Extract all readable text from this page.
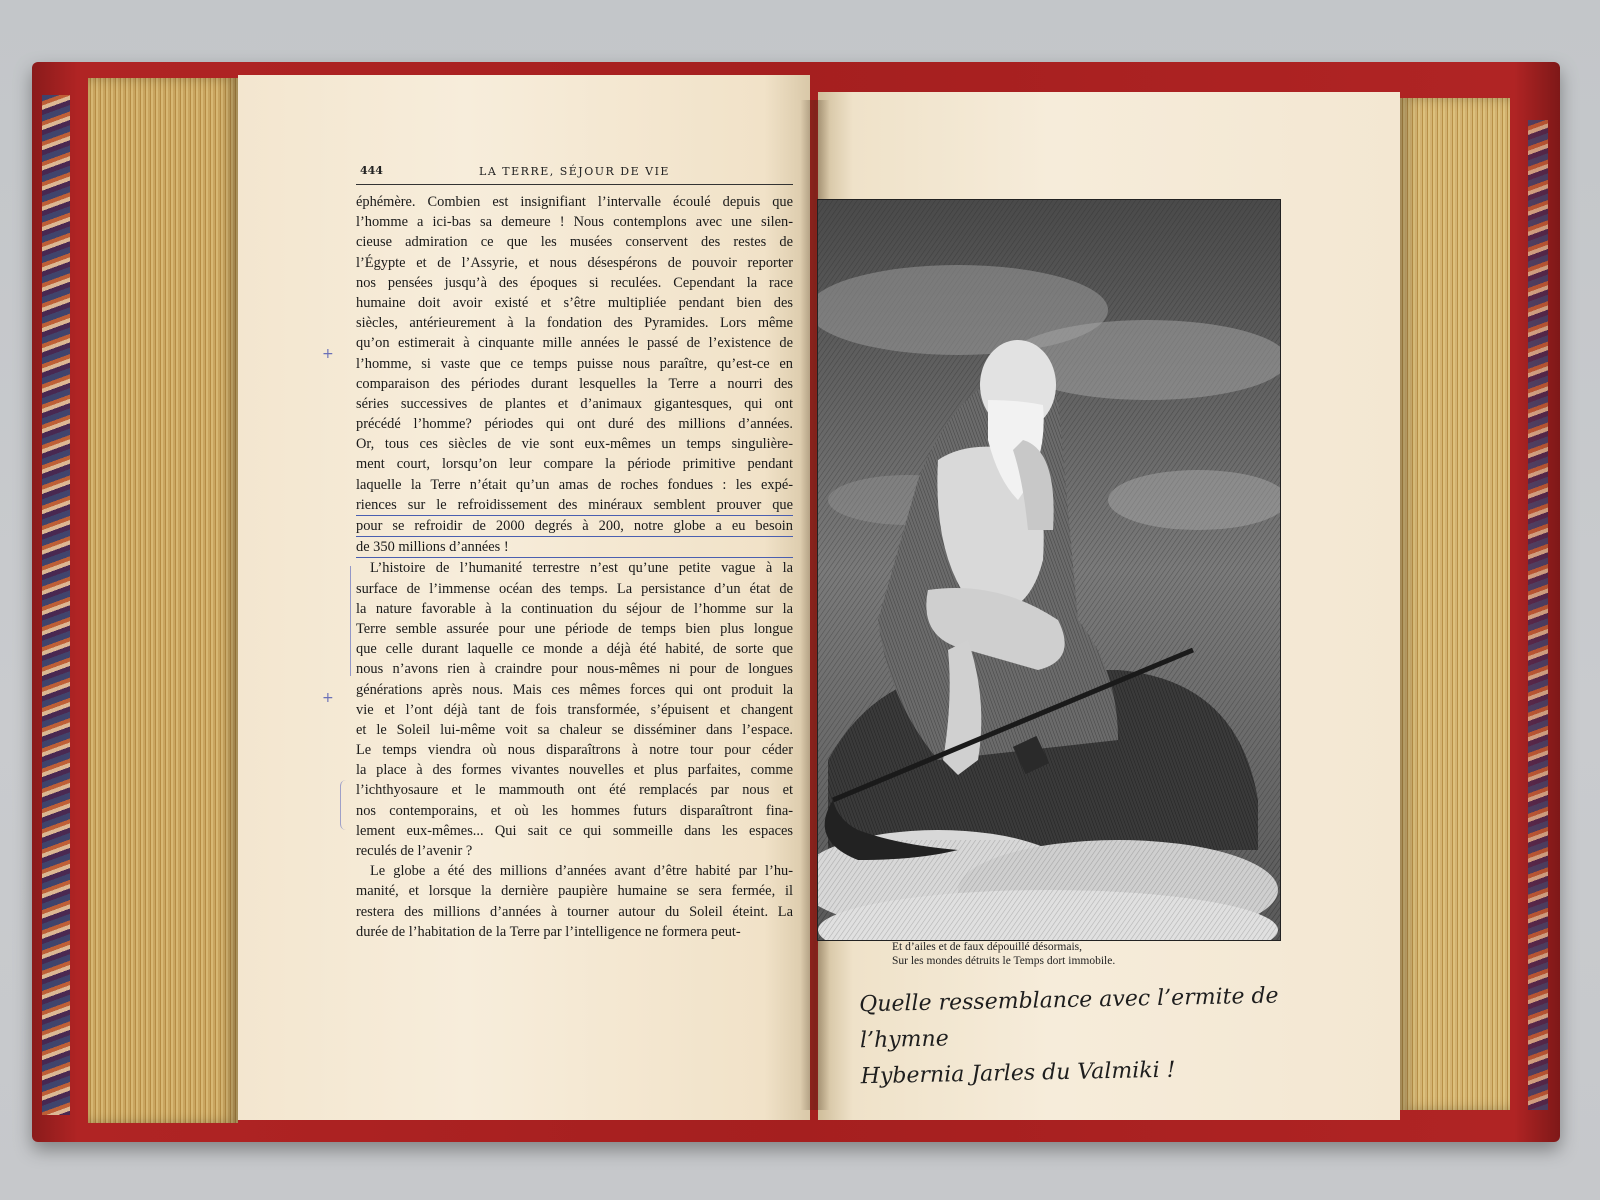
444	LA TERRE, SÉJOUR DE VIE
éphémère. Combien est insignifiant l’intervalle écoulé depuis que
l’homme a ici-bas sa demeure ! Nous contemplons avec une silen-
cieuse admiration ce que les musées conservent des restes de
l’Égypte et de l’Assyrie, et nous désespérons de pouvoir reporter
nos pensées jusqu’à des époques si reculées. Cependant la race
humaine doit avoir existé et s’être multipliée pendant bien des
siècles, antérieurement à la fondation des Pyramides. Lors même
qu’on estimerait à cinquante mille années le passé de l’existence de
l’homme, si vaste que ce temps puisse nous paraître, qu’est-ce en
comparaison des périodes durant lesquelles la Terre a nourri des
séries successives de plantes et d’animaux gigantesques, qui ont
précédé l’homme? périodes qui ont duré des millions d’années.
Or, tous ces siècles de vie sont eux-mêmes un temps singulière-
ment court, lorsqu’on leur compare la période primitive pendant
laquelle la Terre n’était qu’un amas de roches fondues : les expé-
riences sur le refroidissement des minéraux semblent prouver que
pour se refroidir de 2000 degrés à 200, notre globe a eu besoin
de 350 millions d’années !
L’histoire de l’humanité terrestre n’est qu’une petite vague à la
surface de l’immense océan des temps. La persistance d’un état de
la nature favorable à la continuation du séjour de l’homme sur la
Terre semble assurée pour une période de temps bien plus longue
que celle durant laquelle ce monde a déjà été habité, de sorte que
nous n’avons rien à craindre pour nous-mêmes ni pour de longues
générations après nous. Mais ces mêmes forces qui ont produit la
vie et l’ont déjà tant de fois transformée, s’épuisent et changent
et le Soleil lui-même voit sa chaleur se disséminer dans l’espace.
Le temps viendra où nous disparaîtrons à notre tour pour céder
la place à des formes vivantes nouvelles et plus parfaites, comme
l’ichthyosaure et le mammouth ont été remplacés par nous et
nos contemporains, et où les hommes futurs disparaîtront fina-
lement eux-mêmes... Qui sait ce qui sommeille dans les espaces
reculés de l’avenir ?
Le globe a été des millions d’années avant d’être habité par l’hu-
manité, et lorsque la dernière paupière humaine se sera fermée, il
restera des millions d’années à tourner autour du Soleil éteint. La
durée de l’habitation de la Terre par l’intelligence ne formera peut-
+
+
Et d’ailes et de faux dépouillé désormais,
Sur les mondes détruits le Temps dort immobile.
Quelle ressemblance avec l’ermite de l’hymne
Hybernia Jarles du Valmiki !
